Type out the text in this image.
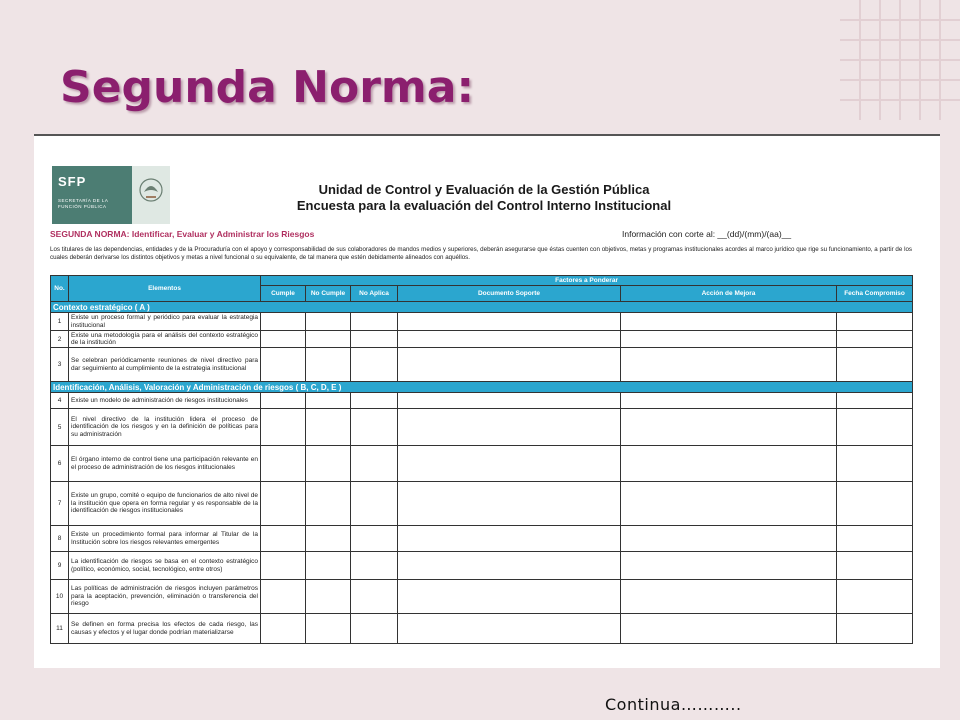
Segunda Norma:
SFP
SECRETARÍA DE LA FUNCIÓN PÚBLICA

Unidad de Control y Evaluación de la Gestión Pública

Encuesta para la evaluación del Control Interno Institucional

SEGUNDA NORMA: Identificar, Evaluar y Administrar los Riesgos	Información con corte al: __(dd)/(mm)/(aa)__

Los titulares de las dependencias, entidades y de la Procuraduría con el apoyo y corresponsabilidad de sus colaboradores de mandos medios y superiores, deberán asegurarse que éstas cuenten con objetivos, metas y programas institucionales acordes al marco jurídico que rige su funcionamiento, a partir de los cuales deberán derivarse los distintos objetivos y metas a nivel funcional o su equivalente, de tal manera que estén debidamente alineados con aquéllos.

No.	Elementos	Factores a Ponderar					
		Cumple	No Cumple	No Aplica	Documento Soporte	Acción de Mejora	Fecha Compromiso
Contexto estratégico ( A )							
1	Existe un proceso formal y periódico para evaluar la estrategia institucional						
2	Existe una metodología para el análisis del contexto estratégico de la institución						
3	Se celebran periódicamente reuniones de nivel directivo para dar seguimiento al cumplimiento de la estrategia institucional						
Identificación, Análisis, Valoración y Administración de riesgos ( B, C, D, E )							
4	Existe un modelo de administración de riesgos institucionales						
5	El nivel directivo de la institución lidera el proceso de identificación de los riesgos y en la definición de políticas para su administración						
6	El órgano interno de control tiene una participación relevante en el proceso de administración de los riesgos intitucionales						
7	Existe un grupo, comité o equipo de funcionarios de alto nivel de la institución que opera en forma regular y es responsable de la identificación de riesgos institucionales						
8	Existe un procedimiento formal para informar al Titular de la Institución sobre los riesgos relevantes emergentes						
9	La identificación de riesgos se basa en el contexto estratégico (político, económico, social, tecnológico, entre otros)						
10	Las políticas de administración de riesgos incluyen parámetros para la aceptación, prevención, eliminación o transferencia del riesgo						
11	Se definen en forma precisa los efectos de cada riesgo, las causas y efectos y el lugar donde podrían materializarse						
Continua………..
